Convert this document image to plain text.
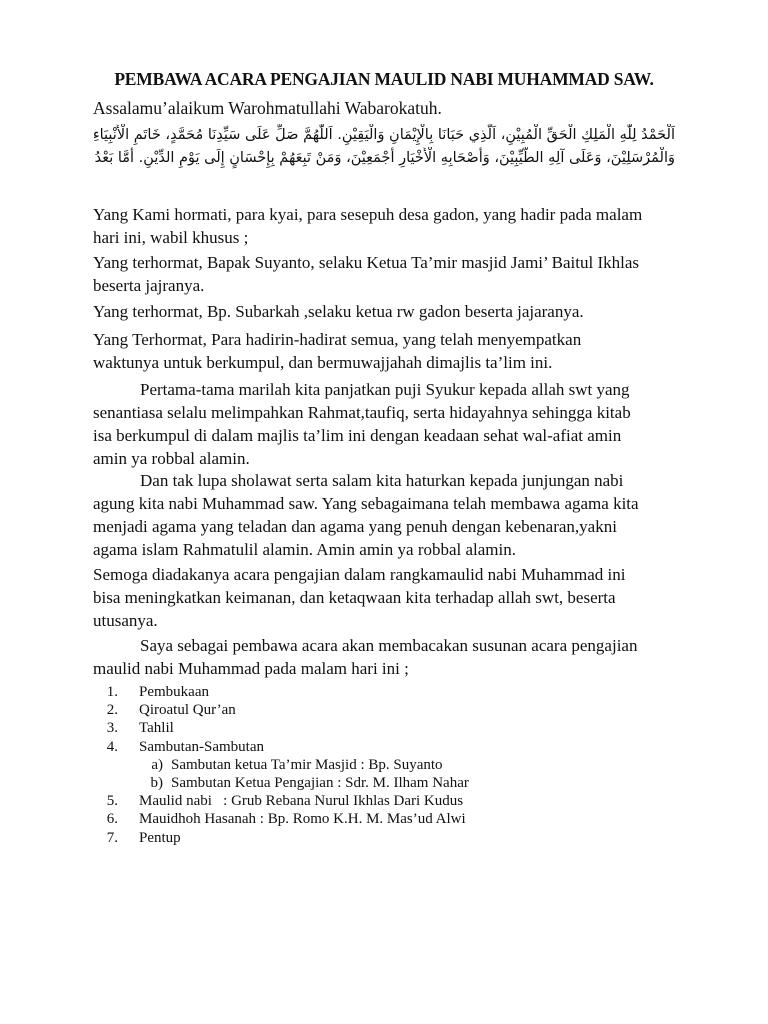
PEMBAWA ACARA PENGAJIAN MAULID NABI MUHAMMAD SAW.
Assalamu’alaikum Warohmatullahi Wabarokatuh.
اَلْحَمْدُ لِلّٰهِ الْمَلِكِ الْحَقِّ الْمُبِيْنِ، اَلَّذِي حَبَانَا بِالْإِيْمَانِ وَالْيَقِيْنِ. اَللّٰهُمَّ صَلِّ عَلَى سَيِّدِنَا مُحَمَّدٍ، خَاتَمِ الْأَنْبِيَاءِ
وَالْمُرْسَلِيْنَ، وَعَلَى آلِهِ الطَّيِّبِيْنَ، وَأَصْحَابِهِ الْأَخْيَارِ أَجْمَعِيْنَ، وَمَنْ تَبِعَهُمْ بِإِحْسَانٍ إِلَى يَوْمِ الدِّيْنِ. أَمَّا بَعْدُ

Yang Kami hormati, para kyai, para sesepuh desa gadon, yang hadir pada malam
hari ini, wabil khusus ;

Yang terhormat, Bapak Suyanto, selaku Ketua Ta’mir masjid Jami’ Baitul Ikhlas
beserta jajranya.

Yang terhormat, Bp. Subarkah ,selaku ketua rw gadon beserta jajaranya.

Yang Terhormat, Para hadirin-hadirat semua, yang telah menyempatkan
waktunya untuk berkumpul, dan bermuwajjahah dimajlis ta’lim ini.

Pertama-tama marilah kita panjatkan puji Syukur kepada allah swt yang
senantiasa selalu melimpahkan Rahmat,taufiq, serta hidayahnya sehingga kitab
isa berkumpul di dalam majlis ta’lim ini dengan keadaan sehat wal-afiat amin
amin ya robbal alamin.

Dan tak lupa sholawat serta salam kita haturkan kepada junjungan nabi
agung kita nabi Muhammad saw. Yang sebagaimana telah membawa agama kita
menjadi agama yang teladan dan agama yang penuh dengan kebenaran,yakni
agama islam Rahmatulil alamin. Amin amin ya robbal alamin.

Semoga diadakanya acara pengajian dalam rangkamaulid nabi Muhammad ini
bisa meningkatkan keimanan, dan ketaqwaan kita terhadap allah swt, beserta
utusanya.

Saya sebagai pembawa acara akan membacakan susunan acara pengajian
maulid nabi Muhammad pada malam hari ini ;

1. Pembukaan
2. Qiroatul Qur’an
3. Tahlil
4. Sambutan-Sambutan
a) Sambutan ketua Ta’mir Masjid : Bp. Suyanto
b) Sambutan Ketua Pengajian : Sdr. M. Ilham Nahar
5. Maulid nabi   : Grub Rebana Nurul Ikhlas Dari Kudus
6. Mauidhoh Hasanah : Bp. Romo K.H. M. Mas’ud Alwi
7. Pentup
